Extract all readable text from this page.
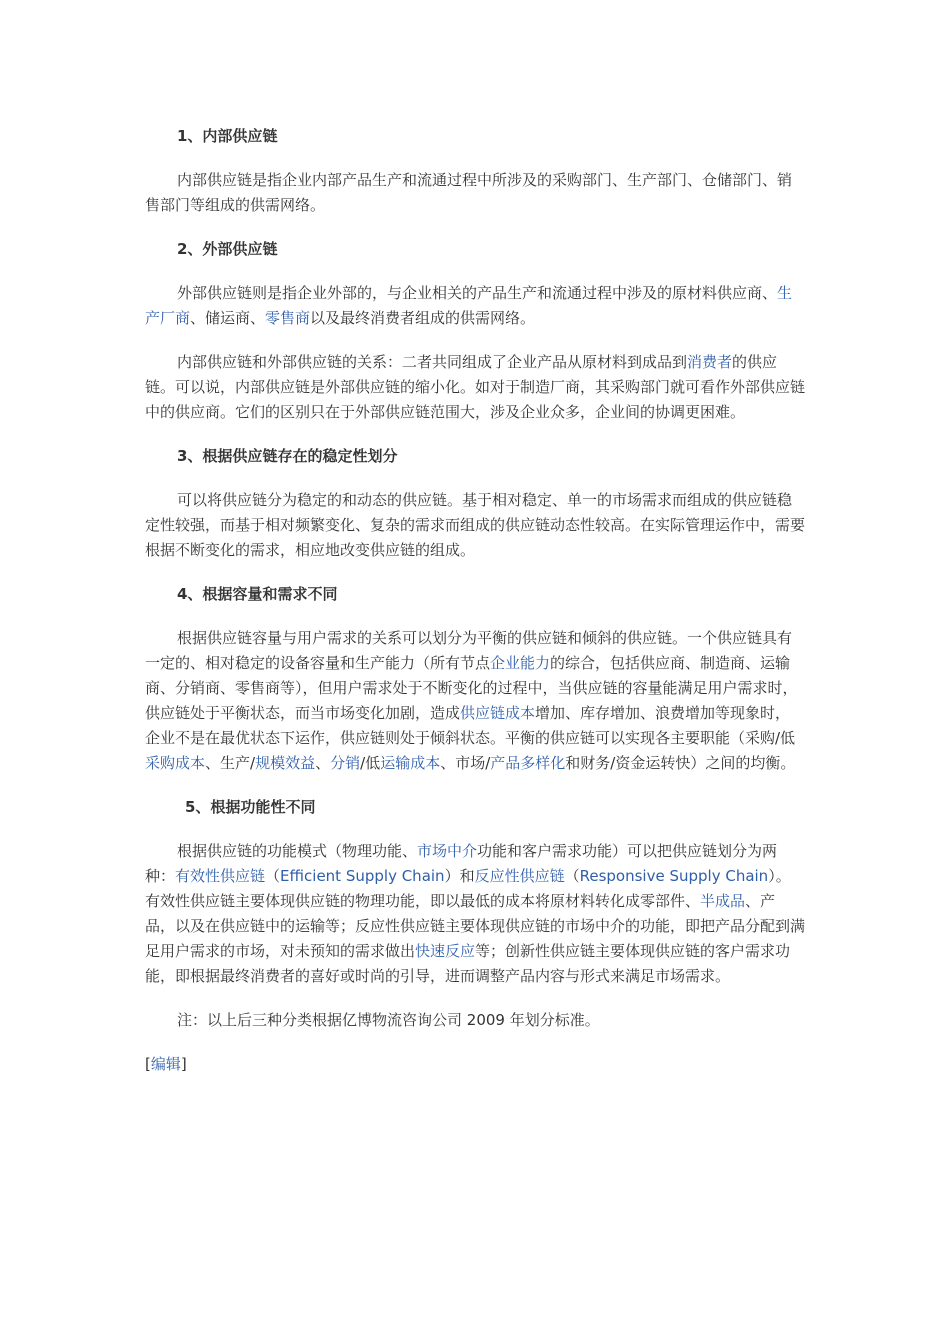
1、内部供应链

内部供应链是指企业内部产品生产和流通过程中所涉及的采购部门、生产部门、仓储部门、销售部门等组成的供需网络。

2、外部供应链

外部供应链则是指企业外部的，与企业相关的产品生产和流通过程中涉及的原材料供应商、生产厂商、储运商、零售商以及最终消费者组成的供需网络。

内部供应链和外部供应链的关系：二者共同组成了企业产品从原材料到成品到消费者的供应链。可以说，内部供应链是外部供应链的缩小化。如对于制造厂商，其采购部门就可看作外部供应链中的供应商。它们的区别只在于外部供应链范围大，涉及企业众多，企业间的协调更困难。

3、根据供应链存在的稳定性划分

可以将供应链分为稳定的和动态的供应链。基于相对稳定、单一的市场需求而组成的供应链稳定性较强，而基于相对频繁变化、复杂的需求而组成的供应链动态性较高。在实际管理运作中，需要根据不断变化的需求，相应地改变供应链的组成。

4、根据容量和需求不同

根据供应链容量与用户需求的关系可以划分为平衡的供应链和倾斜的供应链。一个供应链具有一定的、相对稳定的设备容量和生产能力（所有节点企业能力的综合，包括供应商、制造商、运输商、分销商、零售商等），但用户需求处于不断变化的过程中，当供应链的容量能满足用户需求时，供应链处于平衡状态，而当市场变化加剧，造成供应链成本增加、库存增加、浪费增加等现象时，企业不是在最优状态下运作，供应链则处于倾斜状态。平衡的供应链可以实现各主要职能（采购/低采购成本、生产/规模效益、分销/低运输成本、市场/产品多样化和财务/资金运转快）之间的均衡。

5、根据功能性不同

根据供应链的功能模式（物理功能、市场中介功能和客户需求功能）可以把供应链划分为两种：有效性供应链（Efficient Supply Chain）和反应性供应链（Responsive Supply Chain）。有效性供应链主要体现供应链的物理功能，即以最低的成本将原材料转化成零部件、半成品、产品，以及在供应链中的运输等；反应性供应链主要体现供应链的市场中介的功能，即把产品分配到满足用户需求的市场，对未预知的需求做出快速反应等；创新性供应链主要体现供应链的客户需求功能，即根据最终消费者的喜好或时尚的引导，进而调整产品内容与形式来满足市场需求。

注：以上后三种分类根据亿博物流咨询公司 2009 年划分标准。

[编辑]
